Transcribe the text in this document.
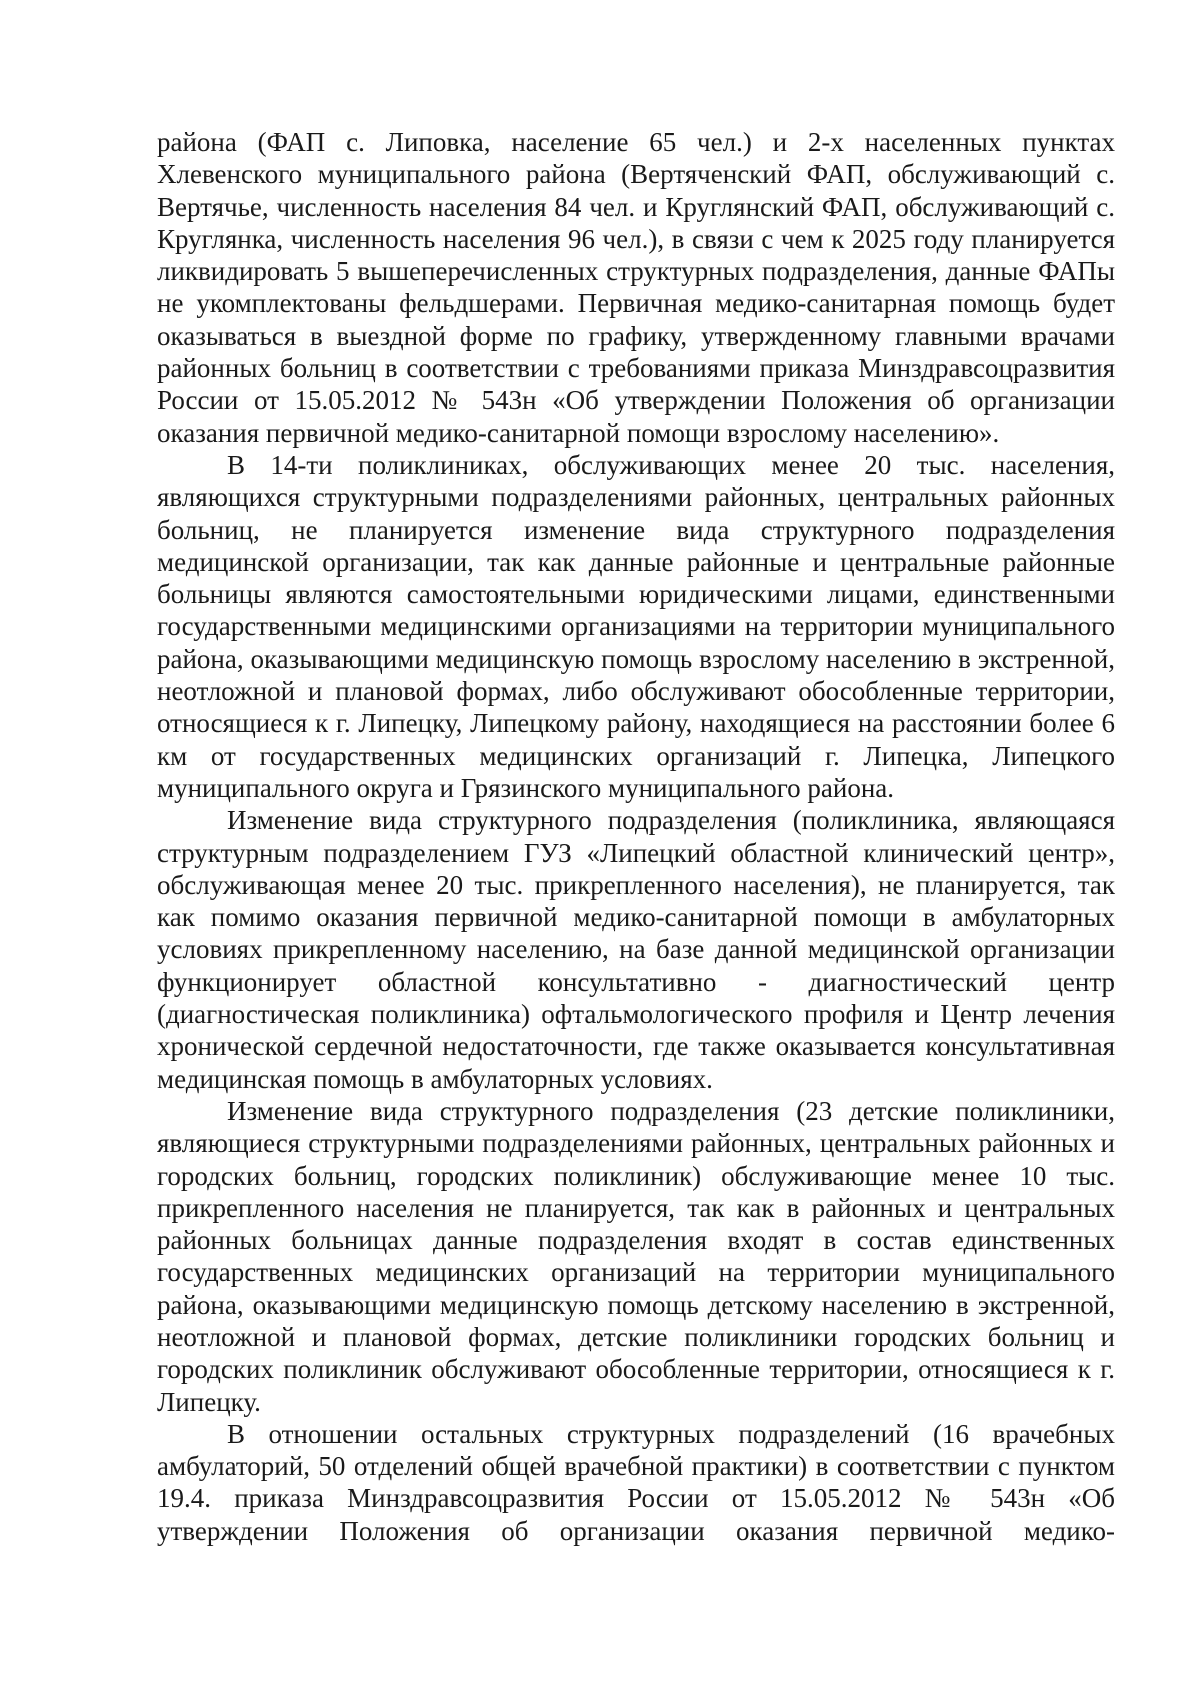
района (ФАП с. Липовка, население 65 чел.) и 2-х населенных пунктах Хлевенского муниципального района (Вертяченский ФАП, обслуживающий с. Вертячье, численность населения 84 чел. и Круглянский ФАП, обслуживающий с. Круглянка, численность населения 96 чел.), в связи с чем к 2025 году планируется ликвидировать 5 вышеперечисленных структурных подразделения, данные ФАПы не укомплектованы фельдшерами. Первичная медико-санитарная помощь будет оказываться в выездной форме по графику, утвержденному главными врачами районных больниц в соответствии с требованиями приказа Минздравсоцразвития России от 15.05.2012 № 543н «Об утверждении Положения об организации оказания первичной медико-санитарной помощи взрослому населению».

В 14-ти поликлиниках, обслуживающих менее 20 тыс. населения, являющихся структурными подразделениями районных, центральных районных больниц, не планируется изменение вида структурного подразделения медицинской организации, так как данные районные и центральные районные больницы являются самостоятельными юридическими лицами, единственными государственными медицинскими организациями на территории муниципального района, оказывающими медицинскую помощь взрослому населению в экстренной, неотложной и плановой формах, либо обслуживают обособленные территории, относящиеся к г. Липецку, Липецкому району, находящиеся на расстоянии более 6 км от государственных медицинских организаций г. Липецка, Липецкого муниципального округа и Грязинского муниципального района.

Изменение вида структурного подразделения (поликлиника, являющаяся структурным подразделением ГУЗ «Липецкий областной клинический центр», обслуживающая менее 20 тыс. прикрепленного населения), не планируется, так как помимо оказания первичной медико-санитарной помощи в амбулаторных условиях прикрепленному населению, на базе данной медицинской организации функционирует областной консультативно - диагностический центр (диагностическая поликлиника) офтальмологического профиля и Центр лечения хронической сердечной недостаточности, где также оказывается консультативная медицинская помощь в амбулаторных условиях.

Изменение вида структурного подразделения (23 детские поликлиники, являющиеся структурными подразделениями районных, центральных районных и городских больниц, городских поликлиник) обслуживающие менее 10 тыс. прикрепленного населения не планируется, так как в районных и центральных районных больницах данные подразделения входят в состав единственных государственных медицинских организаций на территории муниципального района, оказывающими медицинскую помощь детскому населению в экстренной, неотложной и плановой формах, детские поликлиники городских больниц и городских поликлиник обслуживают обособленные территории, относящиеся к г. Липецку.

В отношении остальных структурных подразделений (16 врачебных амбулаторий, 50 отделений общей врачебной практики) в соответствии с пунктом 19.4. приказа Минздравсоцразвития России от 15.05.2012 № 543н «Об утверждении Положения об организации оказания первичной медико-
